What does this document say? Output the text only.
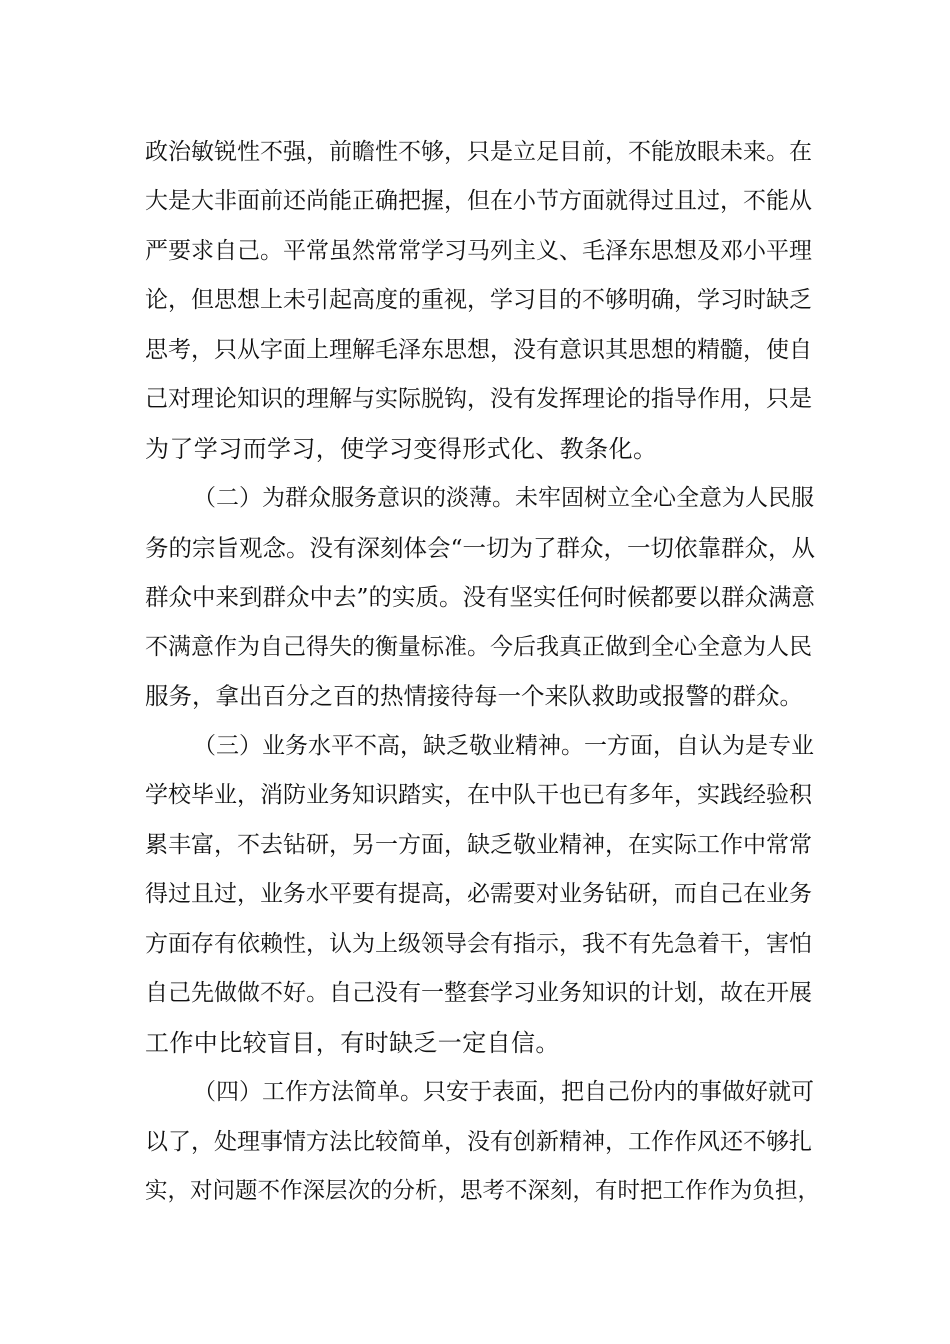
政治敏锐性不强，前瞻性不够，只是立足目前，不能放眼未来。在
大是大非面前还尚能正确把握，但在小节方面就得过且过，不能从
严要求自己。平常虽然常常学习马列主义、毛泽东思想及邓小平理
论，但思想上未引起高度的重视，学习目的不够明确，学习时缺乏
思考，只从字面上理解毛泽东思想，没有意识其思想的精髓，使自
己对理论知识的理解与实际脱钩，没有发挥理论的指导作用，只是
为了学习而学习，使学习变得形式化、教条化。
（二）为群众服务意识的淡薄。未牢固树立全心全意为人民服
务的宗旨观念。没有深刻体会“一切为了群众，一切依靠群众，从
群众中来到群众中去”的实质。没有坚实任何时候都要以群众满意
不满意作为自己得失的衡量标准。今后我真正做到全心全意为人民
服务，拿出百分之百的热情接待每一个来队救助或报警的群众。
（三）业务水平不高，缺乏敬业精神。一方面，自认为是专业
学校毕业，消防业务知识踏实，在中队干也已有多年，实践经验积
累丰富，不去钻研，另一方面，缺乏敬业精神，在实际工作中常常
得过且过，业务水平要有提高，必需要对业务钻研，而自己在业务
方面存有依赖性，认为上级领导会有指示，我不有先急着干，害怕
自己先做做不好。自己没有一整套学习业务知识的计划，故在开展
工作中比较盲目，有时缺乏一定自信。
（四）工作方法简单。只安于表面，把自己份内的事做好就可
以了，处理事情方法比较简单，没有创新精神，工作作风还不够扎
实，对问题不作深层次的分析，思考不深刻，有时把工作作为负担，
